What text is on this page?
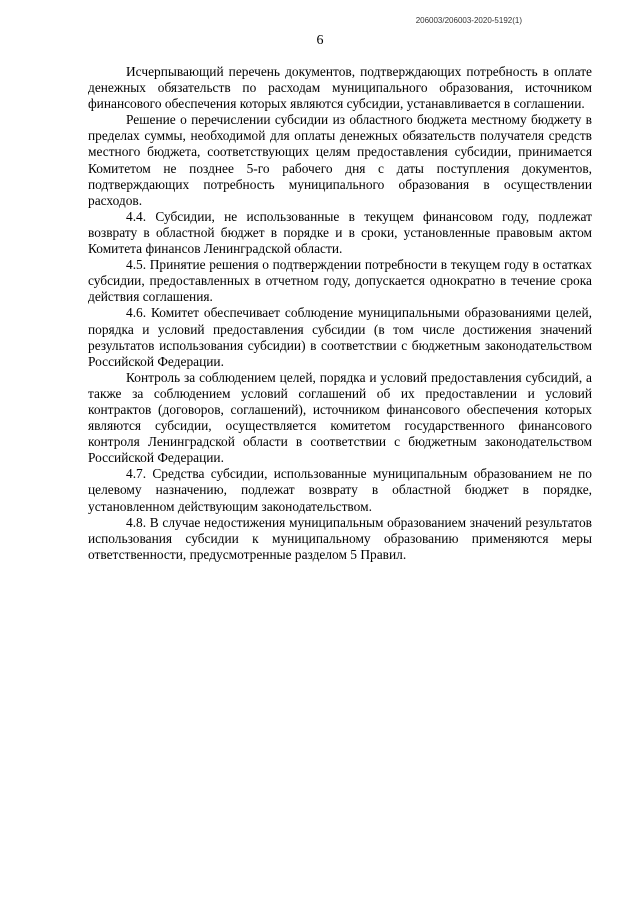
206003/206003-2020-5192(1)

6

Исчерпывающий перечень документов, подтверждающих потребность в оплате денежных обязательств по расходам муниципального образования, источником финансового обеспечения которых являются субсидии, устанавливается в соглашении.

Решение о перечислении субсидии из областного бюджета местному бюджету в пределах суммы, необходимой для оплаты денежных обязательств получателя средств местного бюджета, соответствующих целям предоставления субсидии, принимается Комитетом не позднее 5-го рабочего дня с даты поступления документов, подтверждающих потребность муниципального образования в осуществлении расходов.

4.4. Субсидии, не использованные в текущем финансовом году, подлежат возврату в областной бюджет в порядке и в сроки, установленные правовым актом Комитета финансов Ленинградской области.

4.5. Принятие решения о подтверждении потребности в текущем году в остатках субсидии, предоставленных в отчетном году, допускается однократно в течение срока действия соглашения.

4.6. Комитет обеспечивает соблюдение муниципальными образованиями целей, порядка и условий предоставления субсидии (в том числе достижения значений результатов использования субсидии) в соответствии с бюджетным законодательством Российской Федерации.

Контроль за соблюдением целей, порядка и условий предоставления субсидий, а также за соблюдением условий соглашений об их предоставлении и условий контрактов (договоров, соглашений), источником финансового обеспечения которых являются субсидии, осуществляется комитетом государственного финансового контроля Ленинградской области в соответствии с бюджетным законодательством Российской Федерации.

4.7. Средства субсидии, использованные муниципальным образованием не по целевому назначению, подлежат возврату в областной бюджет в порядке, установленном действующим законодательством.

4.8. В случае недостижения муниципальным образованием значений результатов использования субсидии к муниципальному образованию применяются меры ответственности, предусмотренные разделом 5 Правил.
